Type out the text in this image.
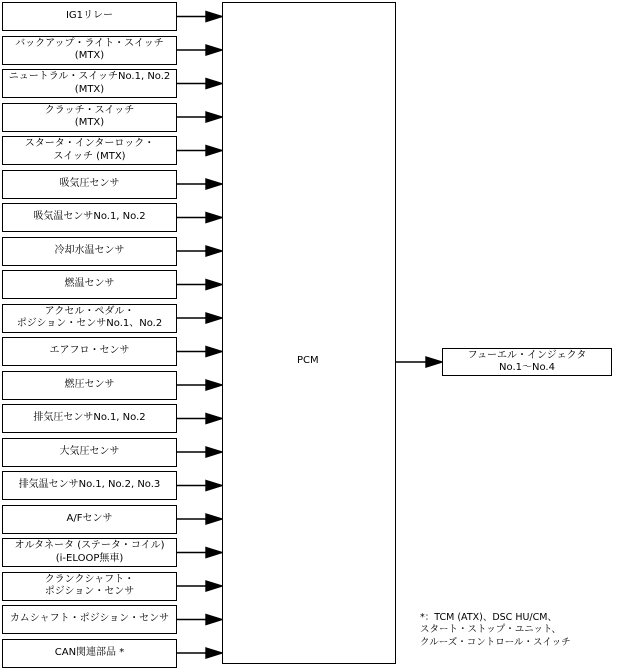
IG1リレー
バックアップ・ライト・スイッチ
(MTX)
ニュートラル・スイッチNo.1, No.2
(MTX)
クラッチ・スイッチ
(MTX)
スタータ・インターロック・
スイッチ (MTX)
吸気圧センサ
吸気温センサNo.1, No.2
冷却水温センサ
燃温センサ
アクセル・ペダル・
ポジション・センサNo.1、No.2
エアフロ・センサ
燃圧センサ
排気圧センサNo.1, No.2
大気圧センサ
排気温センサNo.1, No.2, No.3
A/Fセンサ
オルタネータ (ステータ・コイル)
(i-ELOOP無車)
クランクシャフト・
ポジション・センサ
カムシャフト・ポジション・センサ
CAN関連部品 *
PCM	フューエル・インジェクタ
No.1〜No.4
*：TCM (ATX)、DSC HU/CM、
スタート・ストップ・ユニット、
クルーズ・コントロール・スイッチ
